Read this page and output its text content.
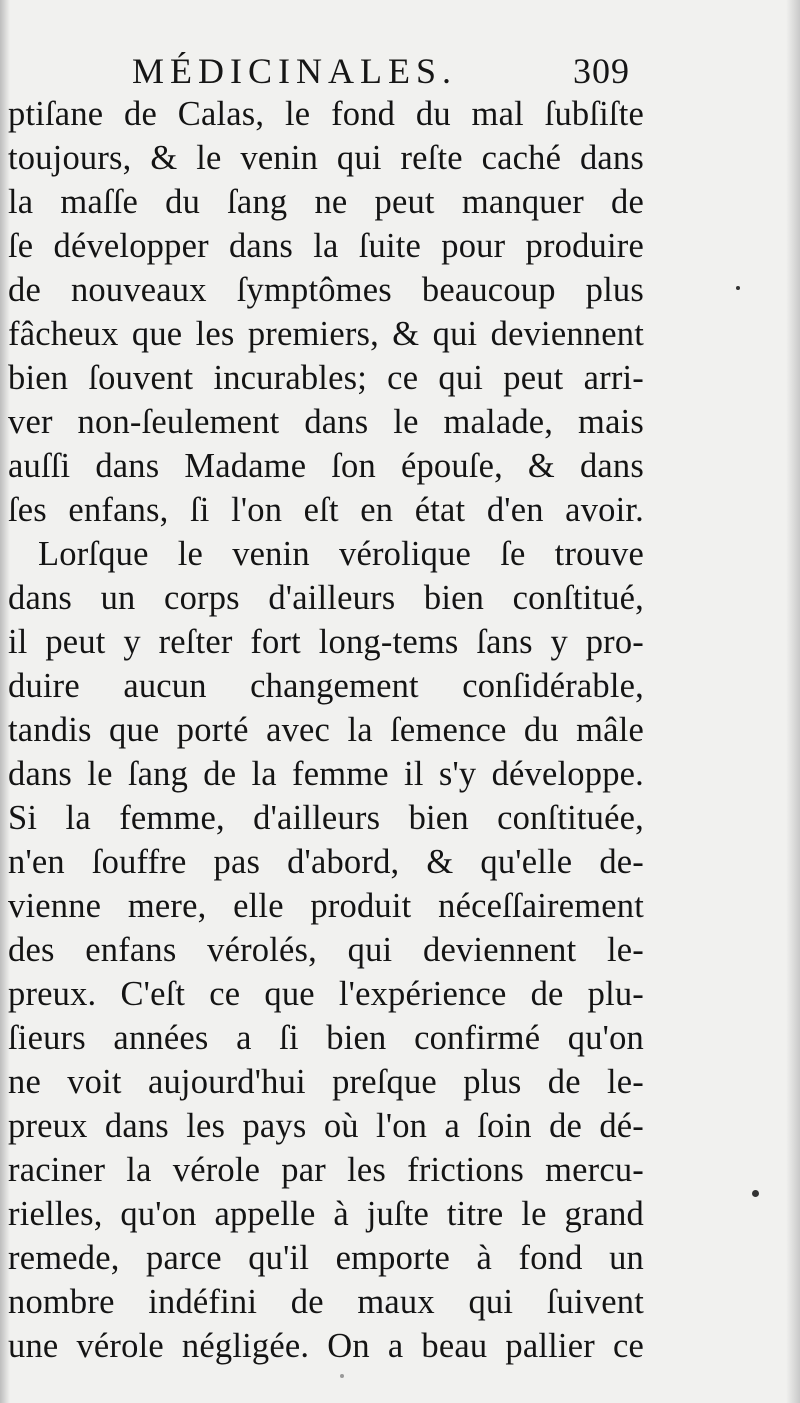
MÉDICINALES.	309
ptiſane de Calas, le fond du mal ſubſiſte
toujours, & le venin qui reſte caché dans
la maſſe du ſang ne peut manquer de
ſe développer dans la ſuite pour produire
de nouveaux ſymptômes beaucoup plus
fâcheux que les premiers, & qui deviennent
bien ſouvent incurables; ce qui peut arri-
ver non-ſeulement dans le malade, mais
auſſi dans Madame ſon épouſe, & dans
ſes enfans, ſi l'on eſt en état d'en avoir.
Lorſque le venin vérolique ſe trouve
dans un corps d'ailleurs bien conſtitué,
il peut y reſter fort long-tems ſans y pro-
duire aucun changement conſidérable,
tandis que porté avec la ſemence du mâle
dans le ſang de la femme il s'y développe.
Si la femme, d'ailleurs bien conſtituée,
n'en ſouffre pas d'abord, & qu'elle de-
vienne mere, elle produit néceſſairement
des enfans vérolés, qui deviennent le-
preux. C'eſt ce que l'expérience de plu-
ſieurs années a ſi bien confirmé qu'on
ne voit aujourd'hui preſque plus de le-
preux dans les pays où l'on a ſoin de dé-
raciner la vérole par les frictions mercu-
rielles, qu'on appelle à juſte titre le grand
remede, parce qu'il emporte à fond un
nombre indéfini de maux qui ſuivent
une vérole négligée. On a beau pallier ce
